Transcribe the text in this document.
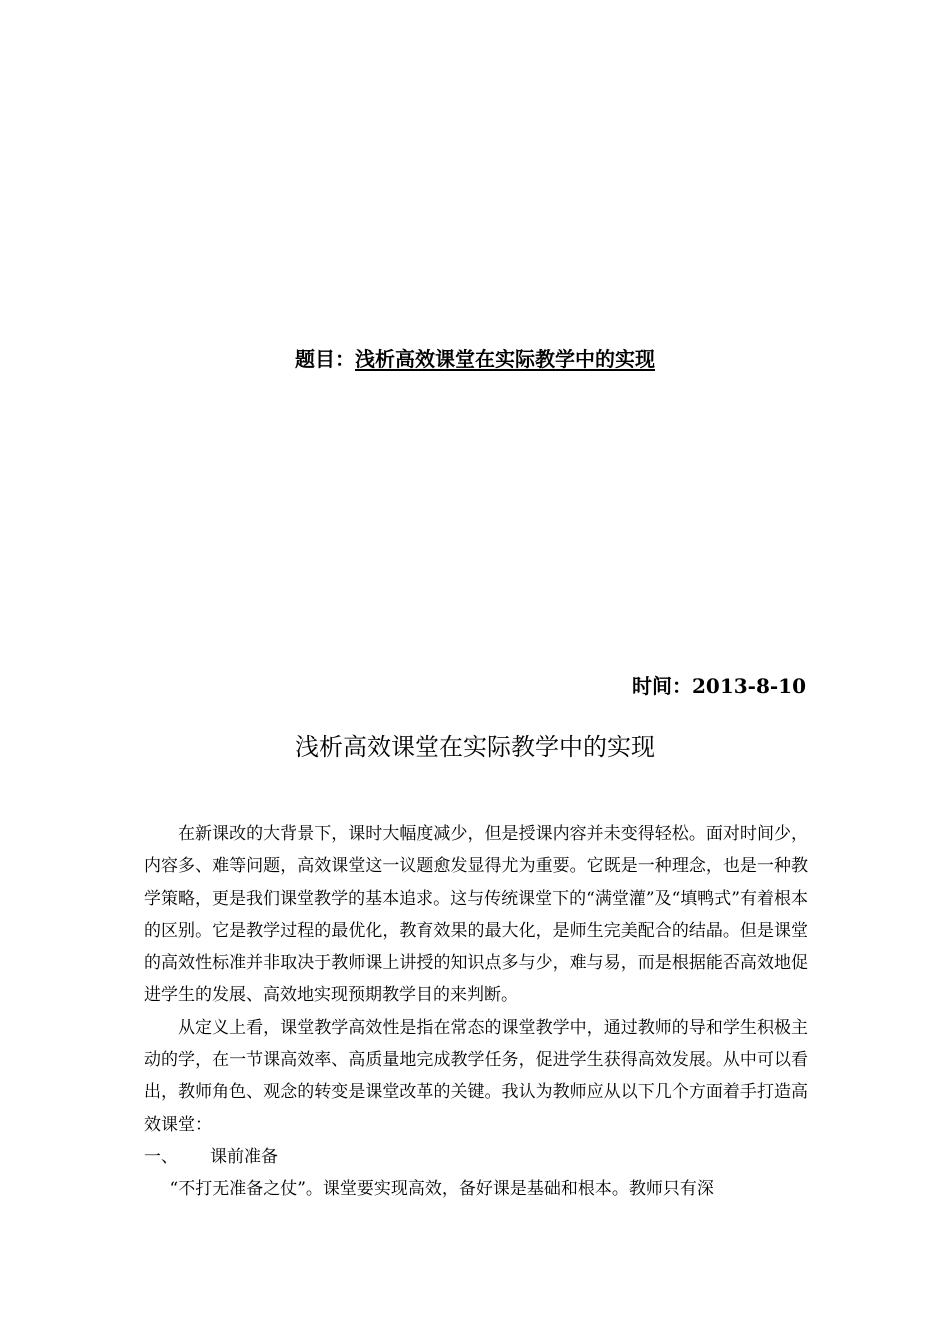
题目：浅析高效课堂在实际教学中的实现
时间：2013-8-10
浅析高效课堂在实际教学中的实现

在新课改的大背景下，课时大幅度减少，但是授课内容并未变得轻松。面对时间少，内容多、难等问题，高效课堂这一议题愈发显得尤为重要。它既是一种理念，也是一种教学策略，更是我们课堂教学的基本追求。这与传统课堂下的“满堂灌”及“填鸭式”有着根本的区别。它是教学过程的最优化，教育效果的最大化，是师生完美配合的结晶。但是课堂的高效性标准并非取决于教师课上讲授的知识点多与少，难与易，而是根据能否高效地促进学生的发展、高效地实现预期教学目的来判断。

从定义上看，课堂教学高效性是指在常态的课堂教学中，通过教师的导和学生积极主动的学，在一节课高效率、高质量地完成教学任务，促进学生获得高效发展。从中可以看出，教师角色、观念的转变是课堂改革的关键。我认为教师应从以下几个方面着手打造高效课堂：

一、 课前准备

“不打无准备之仗”。课堂要实现高效，备好课是基础和根本。教师只有深
